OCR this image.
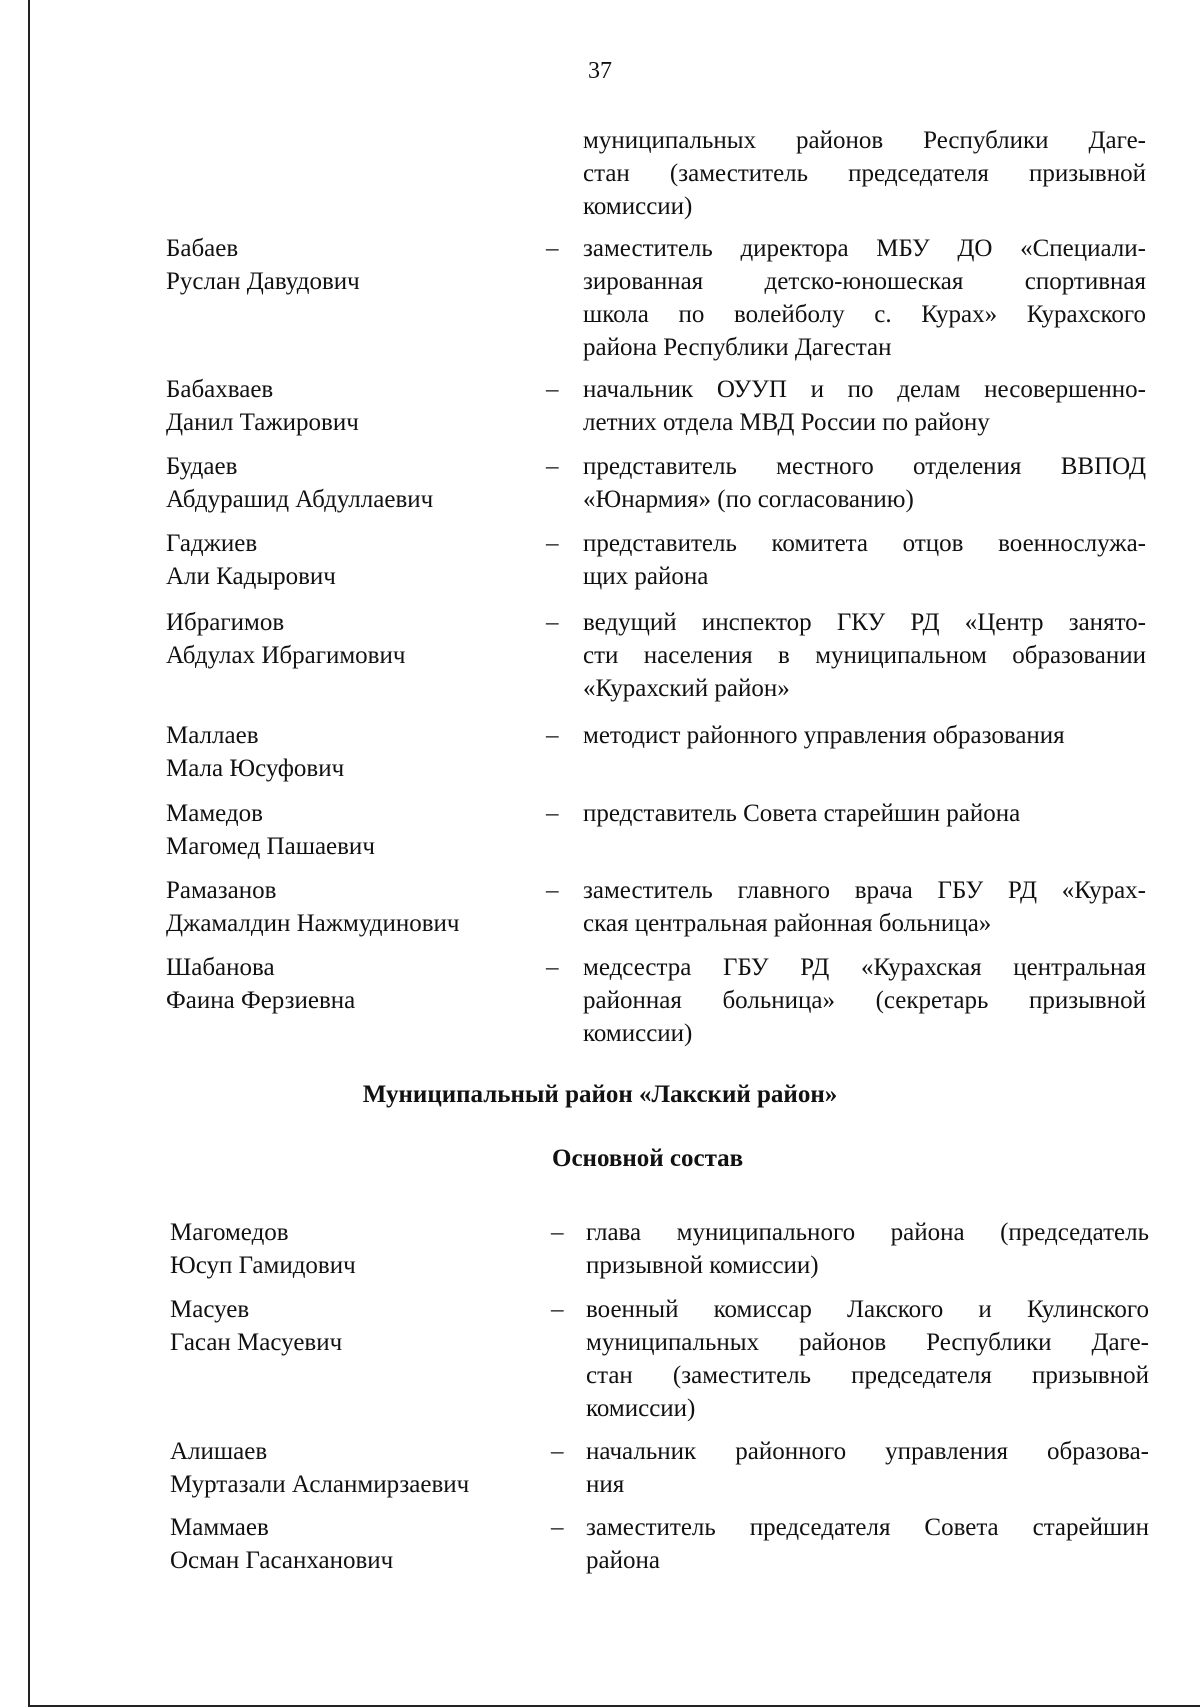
37
муниципальных районов Республики Даге-
стан (заместитель председателя призывной
комиссии)
Бабаев
Руслан Давудович
– заместитель директора МБУ ДО «Специали-
зированная детско-юношеская спортивная
школа по волейболу с. Курах» Курахского
района Республики Дагестан
Бабахваев
Данил Тажирович
– начальник ОУУП и по делам несовершенно-
летних отдела МВД России по району
Будаев
Абдурашид Абдуллаевич
– представитель местного отделения ВВПОД
«Юнармия» (по согласованию)
Гаджиев
Али Кадырович
– представитель комитета отцов военнослужа-
щих района
Ибрагимов
Абдулах Ибрагимович
– ведущий инспектор ГКУ РД «Центр занято-
сти населения в муниципальном образовании
«Курахский район»
Маллаев
Мала Юсуфович
– методист районного управления образования
Мамедов
Магомед Пашаевич
– представитель Совета старейшин района
Рамазанов
Джамалдин Нажмудинович
– заместитель главного врача ГБУ РД «Курах-
ская центральная районная больница»
Шабанова
Фаина Ферзиевна
– медсестра ГБУ РД «Курахская центральная
районная больница» (секретарь призывной
комиссии)
Муниципальный район «Лакский район»
Основной состав
Магомедов
Юсуп Гамидович
– глава муниципального района (председатель
призывной комиссии)
Масуев
Гасан Масуевич
– военный комиссар Лакского и Кулинского
муниципальных районов Республики Даге-
стан (заместитель председателя призывной
комиссии)
Алишаев
Муртазали Асланмирзаевич
– начальник районного управления образова-
ния
Маммаев
Осман Гасанханович
– заместитель председателя Совета старейшин
района
